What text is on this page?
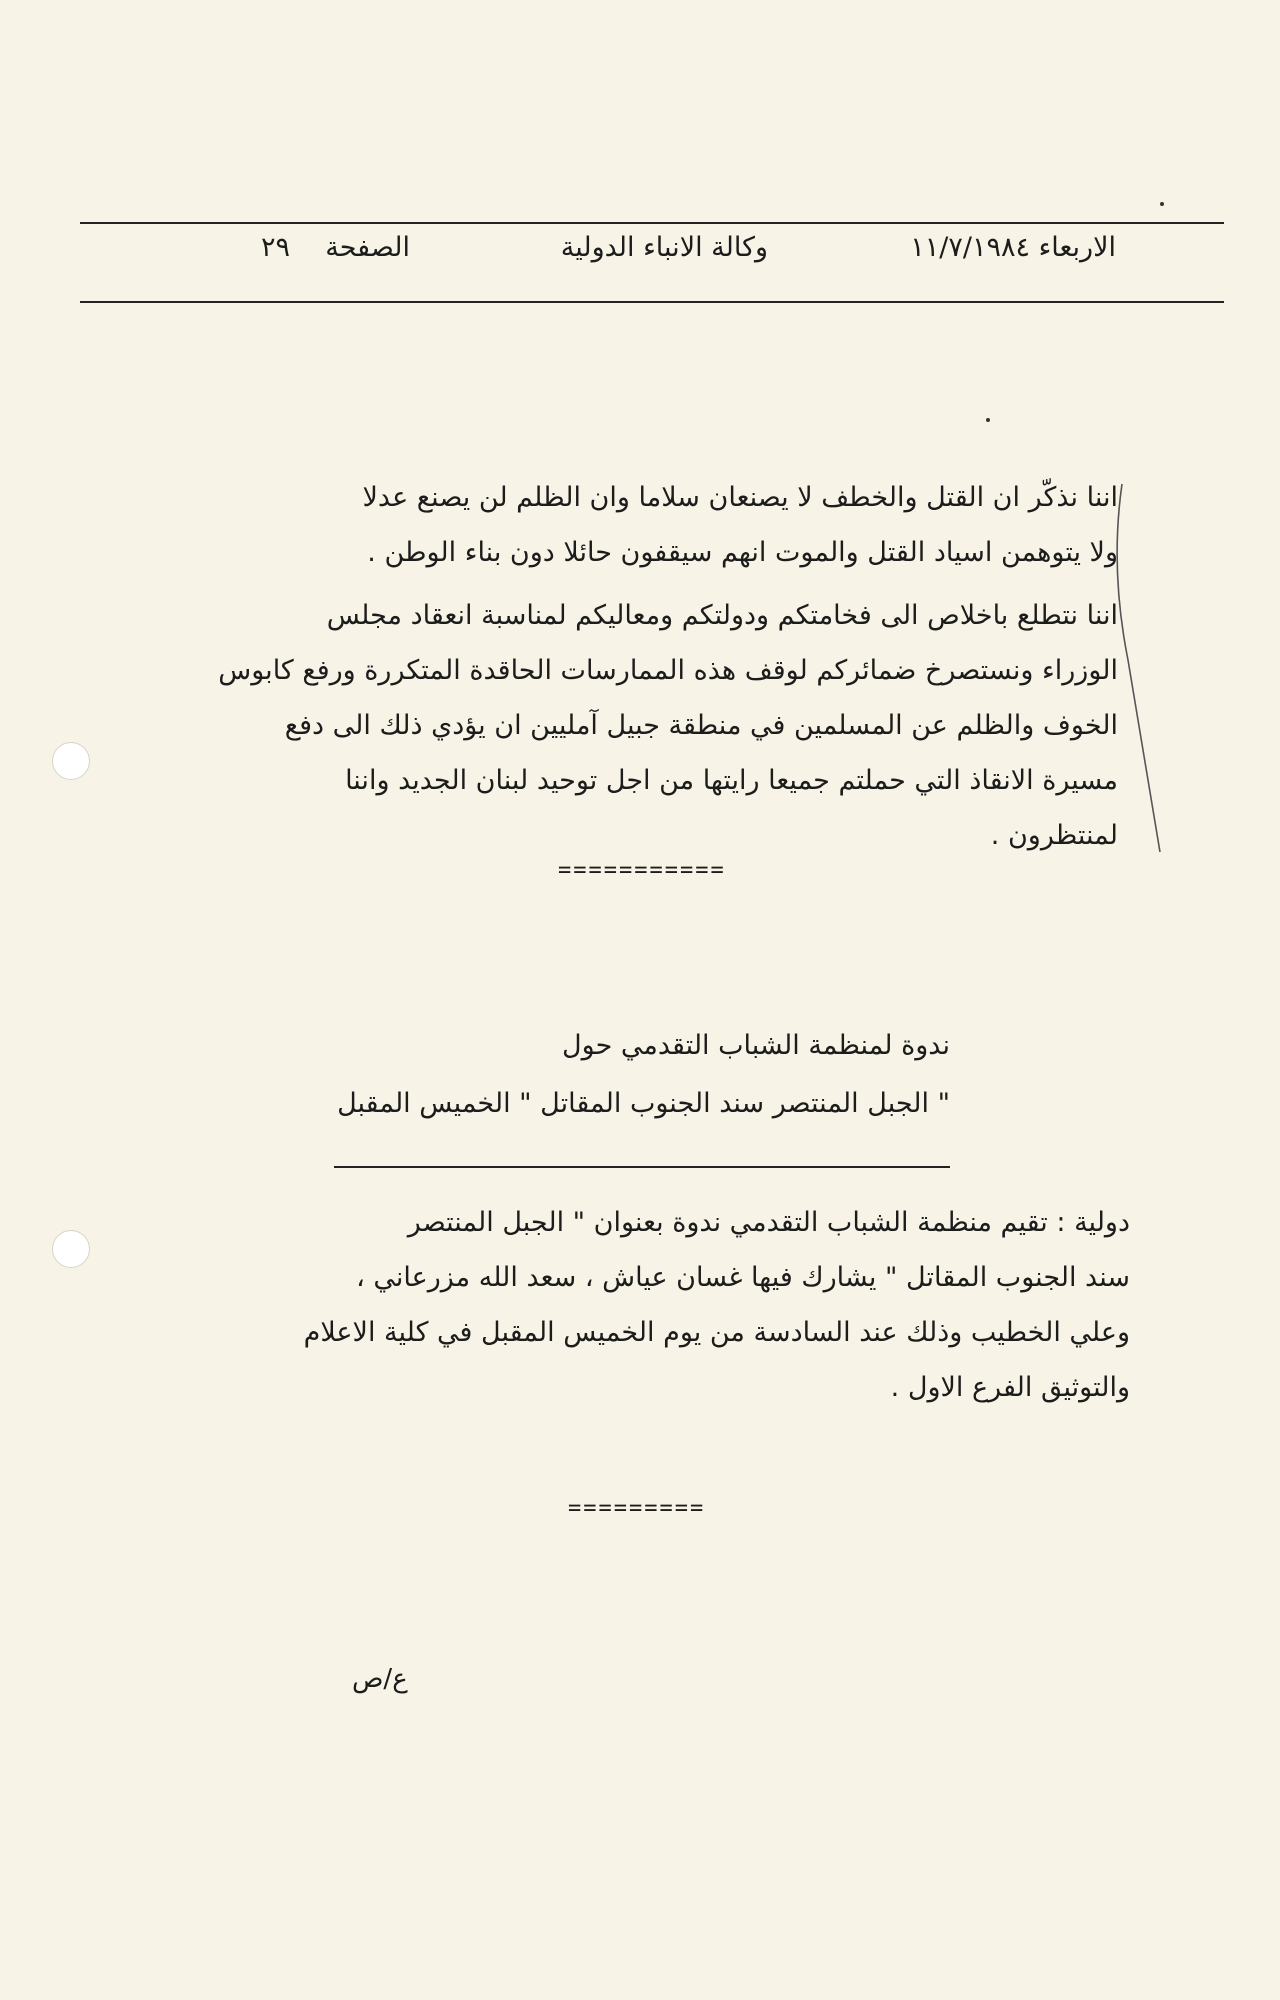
الاربعاء ١١/٧/١٩٨٤
وكالة الانباء الدولية
الصفحة
٢٩
اننا نذكّر ان القتل والخطف لا يصنعان سلاما وان الظلم لن يصنع عدلا
ولا يتوهمن اسياد القتل والموت انهم سيقفون حائلا دون بناء الوطن .
اننا نتطلع باخلاص الى فخامتكم ودولتكم ومعاليكم لمناسبة انعقاد مجلس
الوزراء ونستصرخ ضمائركم لوقف هذه الممارسات الحاقدة المتكررة ورفع كابوس
الخوف والظلم عن المسلمين في منطقة جبيل آمليين ان يؤدي ذلك الى دفع
مسيرة الانقاذ التي حملتم جميعا رايتها من اجل توحيد لبنان الجديد واننا
لمنتظرون .
===========
ندوة لمنظمة الشباب التقدمي حول
" الجبل المنتصر سند الجنوب المقاتل " الخميس المقبل
دولية : تقيم منظمة الشباب التقدمي ندوة بعنوان " الجبل المنتصر
سند الجنوب المقاتل " يشارك فيها غسان عياش ، سعد الله مزرعاني ،
وعلي الخطيب وذلك عند السادسة من يوم الخميس المقبل في كلية الاعلام
والتوثيق الفرع الاول .
=========
ع/ص
